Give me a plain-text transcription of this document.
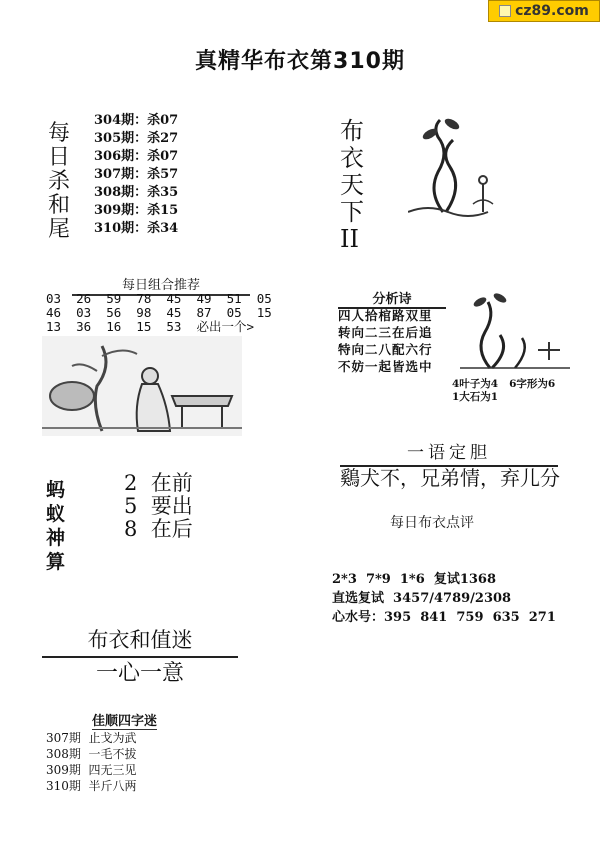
cz89.com
真精华布衣第310期
每
日
杀
和
尾
304期：杀07
305期：杀27
306期：杀07
307期：杀57
308期：杀35
309期：杀15
310期：杀34
每日组合推荐
03  26  59  78  45  49  51  05
46  03  56  98  45  87  05  15
13  36  16  15  53  必出一个>
蚂
蚁
神
算
2  在前
5  要出
8  在后
布衣和值迷
一心一意
佳顺四字迷
307期  止戈为武
308期  一毛不拔
309期  四无三见
310期  半斤八两
布
衣
天
下
II
分析诗
四人拾棺路双里
转向二三在后追
特向二八配六行
不妨一起皆选中
4叶子为4   6字形为6
1大石为1
一语定胆
鷄犬不，兄弟情，弃儿分
每日布衣点评
2*3  7*9  1*6  复试1368
直选复试  3457/4789/2308
心水号：395  841  759  635  271
